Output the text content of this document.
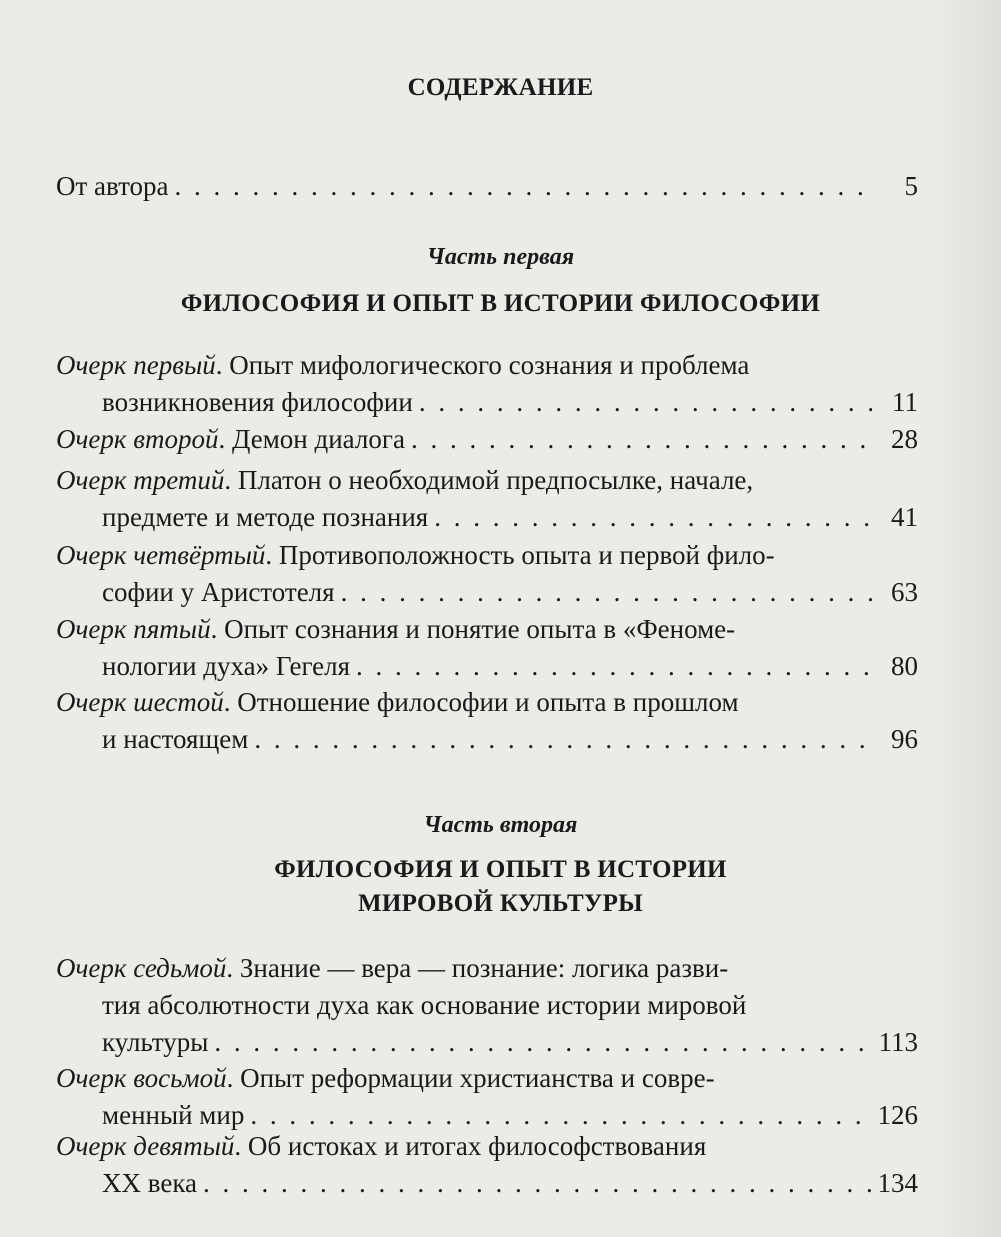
СОДЕРЖАНИЕ
От автора . . .	5
Часть первая
ФИЛОСОФИЯ И ОПЫТ В ИСТОРИИ ФИЛОСОФИИ
Очерк первый. Опыт мифологического сознания и проблема
возникновения философии . . .	11
Очерк второй. Демон диалога . . .	28
Очерк третий. Платон о необходимой предпосылке, начале,
предмете и методе познания . . .	41
Очерк четвёртый. Противоположность опыта и первой фило-
софии у Аристотеля . . .	63
Очерк пятый. Опыт сознания и понятие опыта в «Феноме-
нологии духа» Гегеля . . .	80
Очерк шестой. Отношение философии и опыта в прошлом
и настоящем . . .	96
Часть вторая
ФИЛОСОФИЯ И ОПЫТ В ИСТОРИИ
МИРОВОЙ КУЛЬТУРЫ
Очерк седьмой. Знание — вера — познание: логика разви-
тия абсолютности духа как основание истории мировой
культуры . . .	113
Очерк восьмой. Опыт реформации христианства и совре-
менный мир . . .	126
Очерк девятый. Об истоках и итогах философствования
XX века . . .	134
